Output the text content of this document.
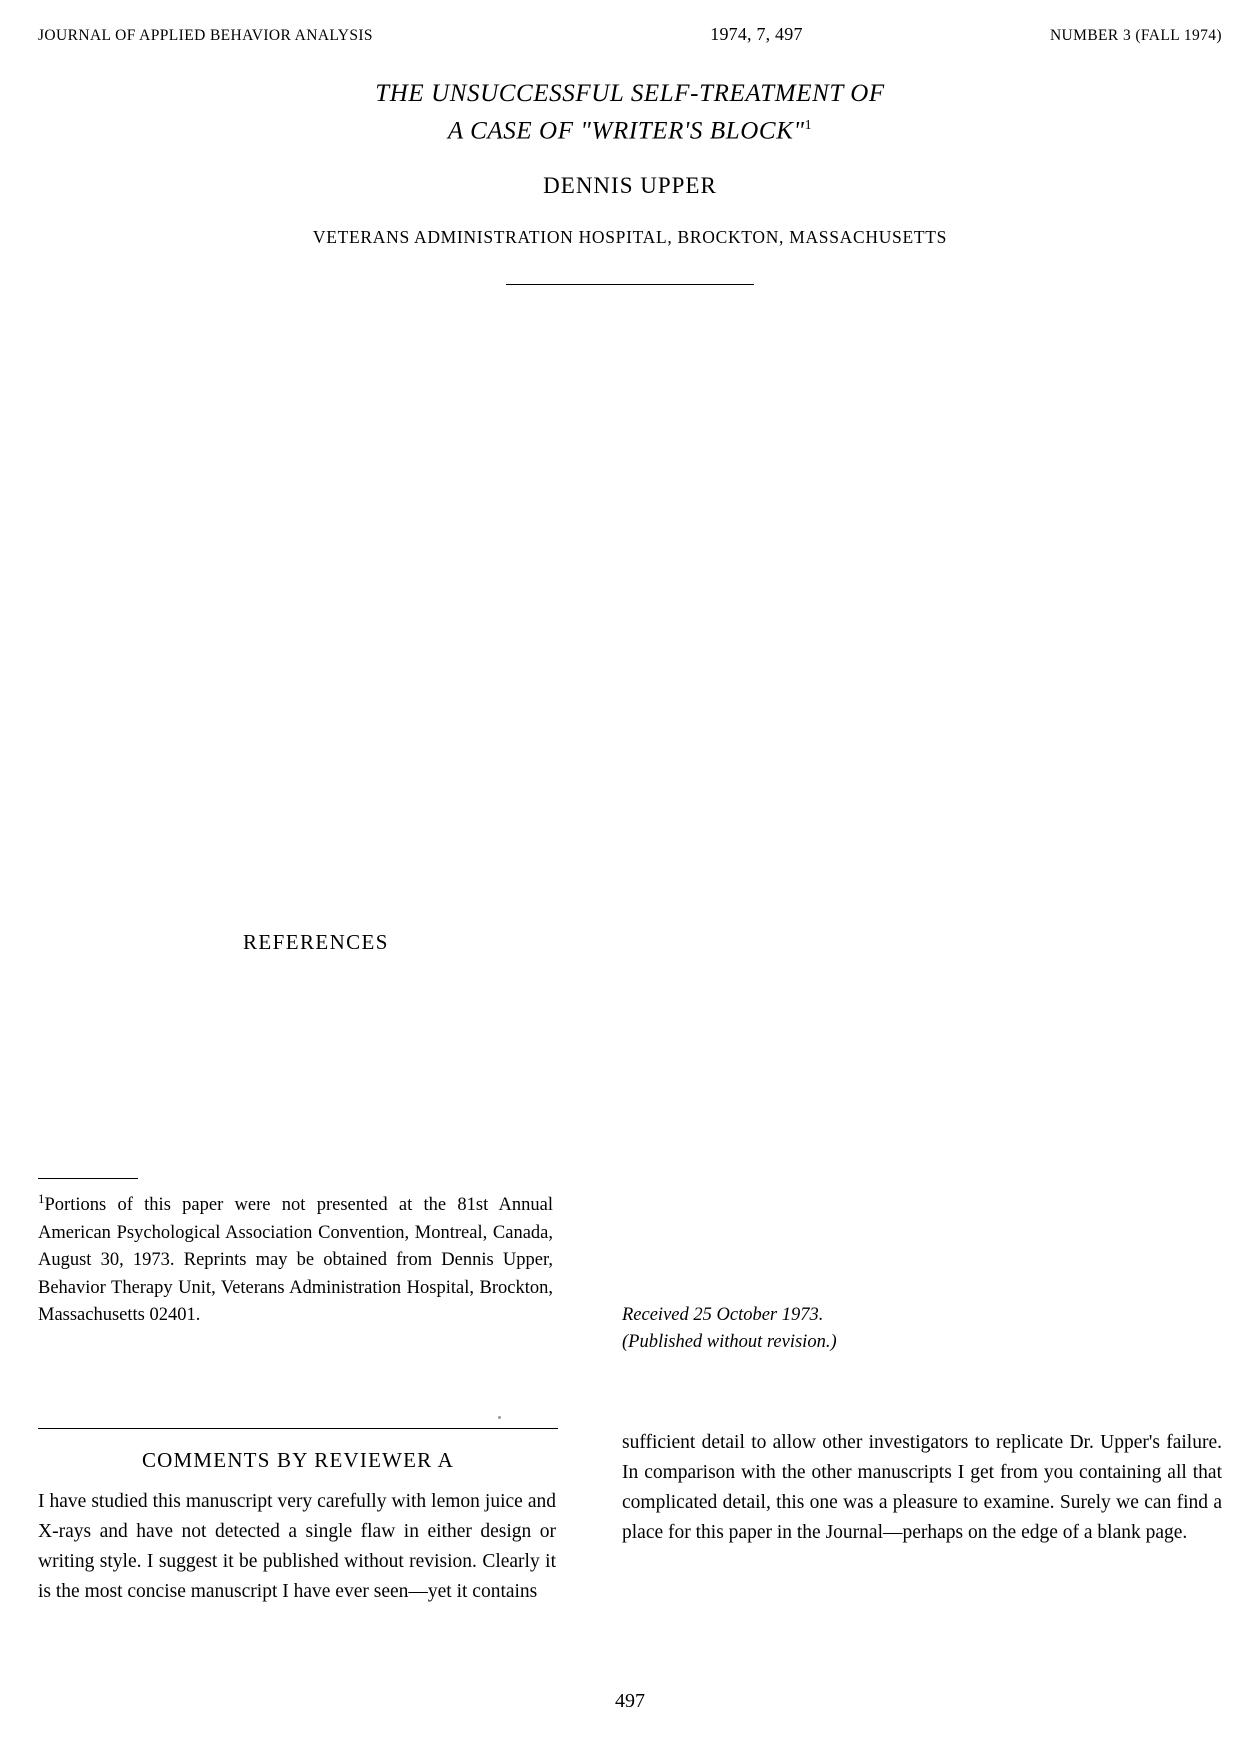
JOURNAL OF APPLIED BEHAVIOR ANALYSIS	1974, 7, 497	NUMBER 3 (FALL 1974)
THE UNSUCCESSFUL SELF-TREATMENT OF
A CASE OF "WRITER'S BLOCK"$^1$
DENNIS UPPER
VETERANS ADMINISTRATION HOSPITAL, BROCKTON, MASSACHUSETTS
REFERENCES
$^1$Portions of this paper were not presented at the 81st Annual American Psychological Association Convention, Montreal, Canada, August 30, 1973. Reprints may be obtained from Dennis Upper, Behavior Therapy Unit, Veterans Administration Hospital, Brockton, Massachusetts 02401.	Received 25 October 1973.
(Published without revision.)
COMMENTS BY REVIEWER A
I have studied this manuscript very carefully with lemon juice and X-rays and have not detected a single flaw in either design or writing style. I suggest it be published without revision. Clearly it is the most concise manuscript I have ever seen—yet it contains
sufficient detail to allow other investigators to replicate Dr. Upper's failure. In comparison with the other manuscripts I get from you containing all that complicated detail, this one was a pleasure to examine. Surely we can find a place for this paper in the Journal—perhaps on the edge of a blank page.
497
